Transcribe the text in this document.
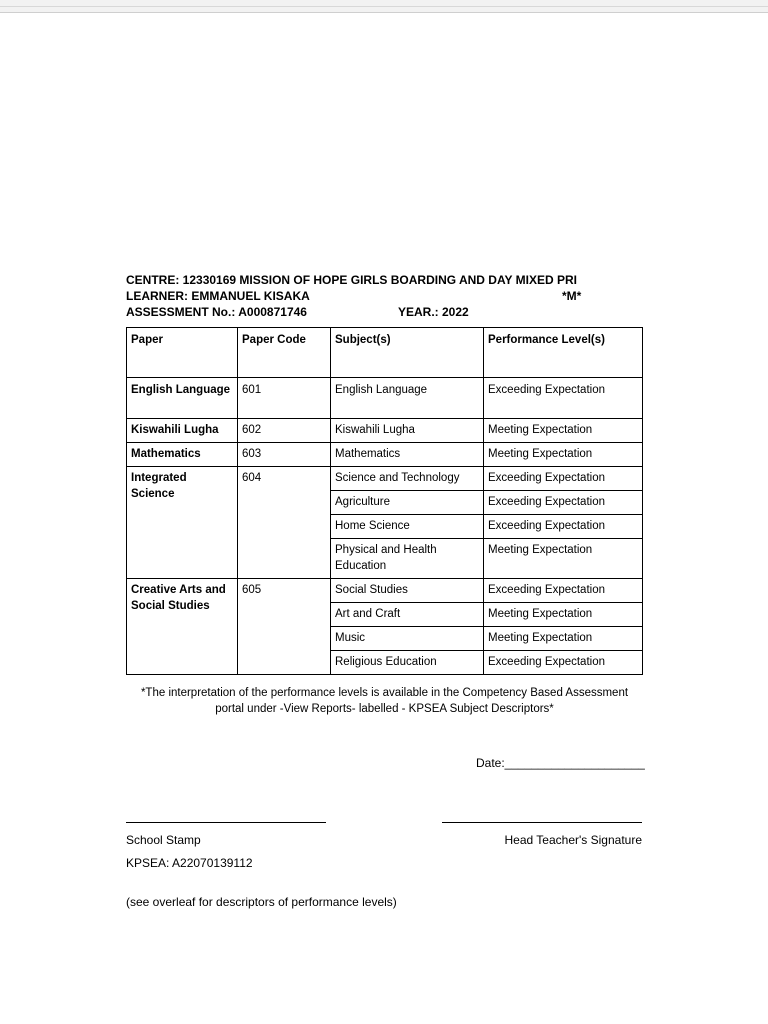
CENTRE: 12330169 MISSION OF HOPE GIRLS BOARDING AND DAY MIXED PRI
LEARNER: EMMANUEL KISAKA	*M*
ASSESSMENT No.: A000871746	YEAR.: 2022
Paper	Paper Code	Subject(s)	Performance Level(s)
English Language	601	English Language	Exceeding Expectation
Kiswahili Lugha	602	Kiswahili Lugha	Meeting Expectation
Mathematics	603	Mathematics	Meeting Expectation
Integrated Science	604	Science and Technology	Exceeding Expectation
		Agriculture	Exceeding Expectation
		Home Science	Exceeding Expectation
		Physical and Health Education	Meeting Expectation
Creative Arts and Social Studies	605	Social Studies	Exceeding Expectation
		Art and Craft	Meeting Expectation
		Music	Meeting Expectation
		Religious Education	Exceeding Expectation
*The interpretation of the performance levels is available in the Competency Based Assessment portal under -View Reports- labelled - KPSEA Subject Descriptors*
Date:_____________________
School Stamp	Head Teacher's Signature
KPSEA: A22070139112
(see overleaf for descriptors of performance levels)
